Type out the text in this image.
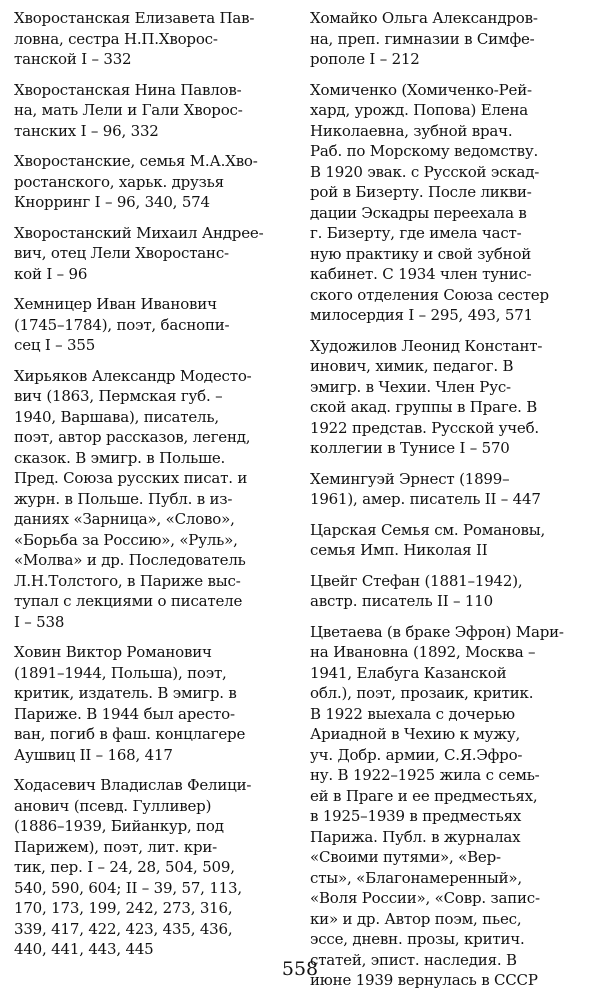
Хворостанская Елизавета Пав-
ловна, сестра Н.П.Хворос-
танской I – 332
Хворостанская Нина Павлов-
на, мать Лели и Гали Хворос-
танских I – 96, 332
Хворостанские, семья М.А.Хво-
ростанского, харьк. друзья
Кнорринг I – 96, 340, 574
Хворостанский Михаил Андрее-
вич, отец Лели Хворостанс-
кой I – 96
Хемницер Иван Иванович
(1745–1784), поэт, баснопи-
сец I – 355
Хирьяков Александр Модесто-
вич (1863, Пермская губ. –
1940, Варшава), писатель,
поэт, автор рассказов, легенд,
сказок. В эмигр. в Польше.
Пред. Союза русских писат. и
журн. в Польше. Публ. в из-
даниях «Зарница», «Слово»,
«Борьба за Россию», «Руль»,
«Молва» и др. Последователь
Л.Н.Толстого, в Париже выс-
тупал с лекциями о писателе
I – 538
Ховин Виктор Романович
(1891–1944, Польша), поэт,
критик, издатель. В эмигр. в
Париже. В 1944 был аресто-
ван, погиб в фаш. концлагере
Аушвиц II – 168, 417
Ходасевич Владислав Фелици-
анович (псевд. Гулливер)
(1886–1939, Бийанкур, под
Парижем), поэт, лит. кри-
тик, пер. I – 24, 28, 504, 509,
540, 590, 604; II – 39, 57, 113,
170, 173, 199, 242, 273, 316,
339, 417, 422, 423, 435, 436,
440, 441, 443, 445
Хомайко Ольга Александров-
на, преп. гимназии в Симфе-
рополе I – 212
Хомиченко (Хомиченко-Рей-
хард, урожд. Попова) Елена
Николаевна, зубной врач.
Раб. по Морскому ведомству.
В 1920 эвак. с Русской эскад-
рой в Бизерту. После ликви-
дации Эскадры переехала в
г. Бизерту, где имела част-
ную практику и свой зубной
кабинет. С 1934 член тунис-
ского отделения Союза сестер
милосердия I – 295, 493, 571
Художилов Леонид Констант-
инович, химик, педагог. В
эмигр. в Чехии. Член Рус-
ской акад. группы в Праге. В
1922 представ. Русской учеб.
коллегии в Тунисе I – 570
Хемингуэй Эрнест (1899–
1961), амер. писатель II – 447
Царская Семья см. Романовы,
семья Имп. Николая II
Цвейг Стефан (1881–1942),
австр. писатель II – 110
Цветаева (в браке Эфрон) Мари-
на Ивановна (1892, Москва –
1941, Елабуга Казанской
обл.), поэт, прозаик, критик.
В 1922 выехала с дочерью
Ариадной в Чехию к мужу,
уч. Добр. армии, С.Я.Эфро-
ну. В 1922–1925 жила с семь-
ей в Праге и ее предместьях,
в 1925–1939 в предместьях
Парижа. Публ. в журналах
«Своими путями», «Вер-
сты», «Благонамеренный»,
«Воля России», «Совр. запис-
ки» и др. Автор поэм, пьес,
эссе, дневн. прозы, критич.
статей, эпист. наследия. В
июне 1939 вернулась в СССР
558
